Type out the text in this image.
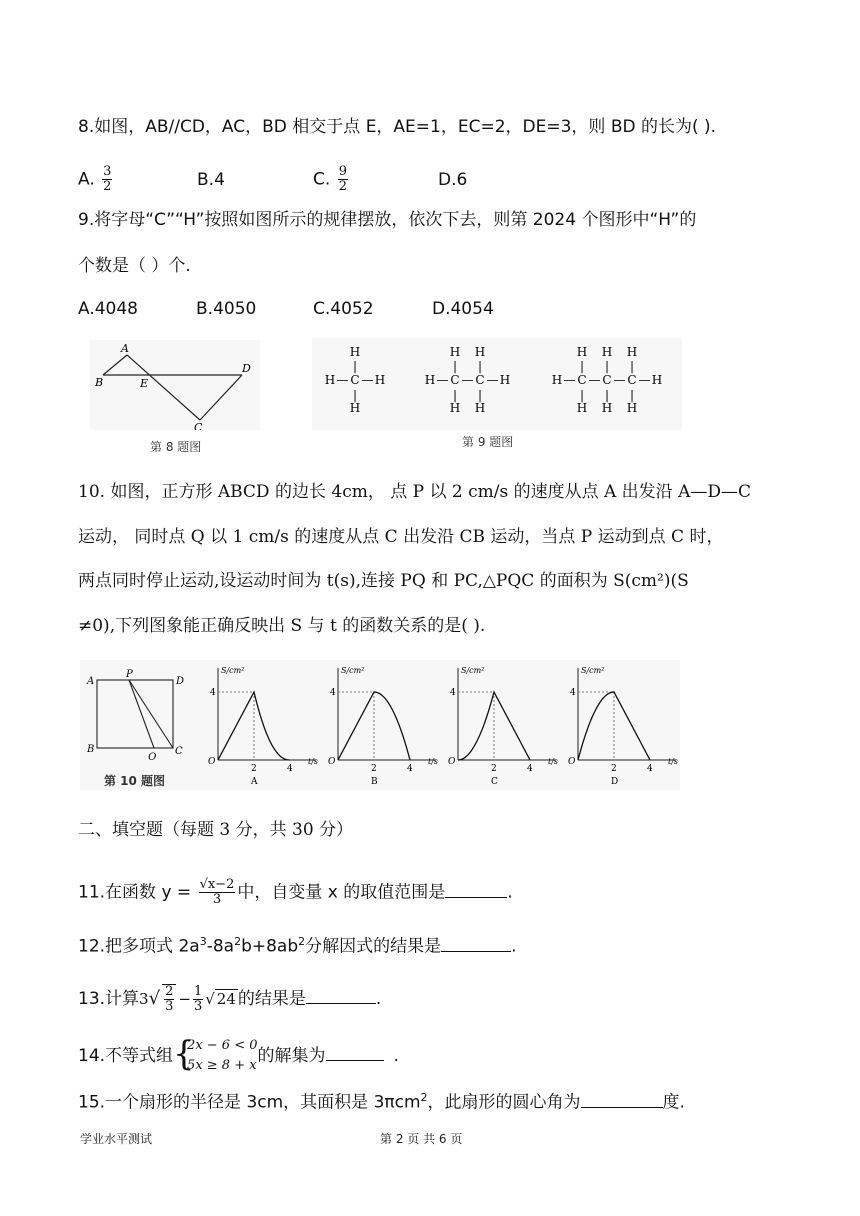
8.如图，AB//CD，AC，BD 相交于点 E，AE=1，EC=2，DE=3，则 BD 的长为( ).
A. $\frac{3}{2}$	B.4	C. $\frac{9}{2}$	D.6
9.将字母“C”“H”按照如图所示的规律摆放，依次下去，则第 2024 个图形中“H”的
个数是（ ）个.
A.4048	B.4050	C.4052	D.4054
A
B	E
D
C
第 8 题图
H — C
H
|
|
H
— H	H — C
H
|
|
H
— C
H
|
|
H
— H	H — C
H
|
|
H
— C
H
|
|
H
— C
H
|
|
H
— H
第 9 题图
10. 如图，正方形 ABCD 的边长 4cm， 点 P 以 2 cm/s 的速度从点 A 出发沿 A—D—C
运动， 同时点 Q 以 1 cm/s 的速度从点 C 出发沿 CB 运动，当点 P 运动到点 C 时，
两点同时停止运动,设运动时间为 t(s),连接 PQ 和 PC,△PQC 的面积为 S(cm²)(S
≠0),下列图象能正确反映出 S 与 t 的函数关系的是( ).
A
P
D
B
Q
C
第 10 题图
S/cm²
t/s
O
4
2	4
A
S/cm²
t/s
O
4
2	4
B
S/cm²
t/s
O
4
2	4
C
S/cm²
t/s
O
4
2	4
D
二、填空题（每题 3 分，共 30 分）
11.在函数 $y = \frac{√x-2}{3}$ 中，自变量 x 的取值范围是	.
12.把多项式 $2a^3-8a^2b+8ab^2$分解因式的结果是	.
13.计算$3√ \frac{2}{3} - \frac{1}{3}$ √ 24 的结果是	.
14.不等式组 {
2x − 6 < 0
5x ≥ 8 + x 的解集为	.
15.一个扇形的半径是 3cm，其面积是 3πcm$^2$，此扇形的圆心角为	度.
学业水平测试	第 2 页 共 6 页
